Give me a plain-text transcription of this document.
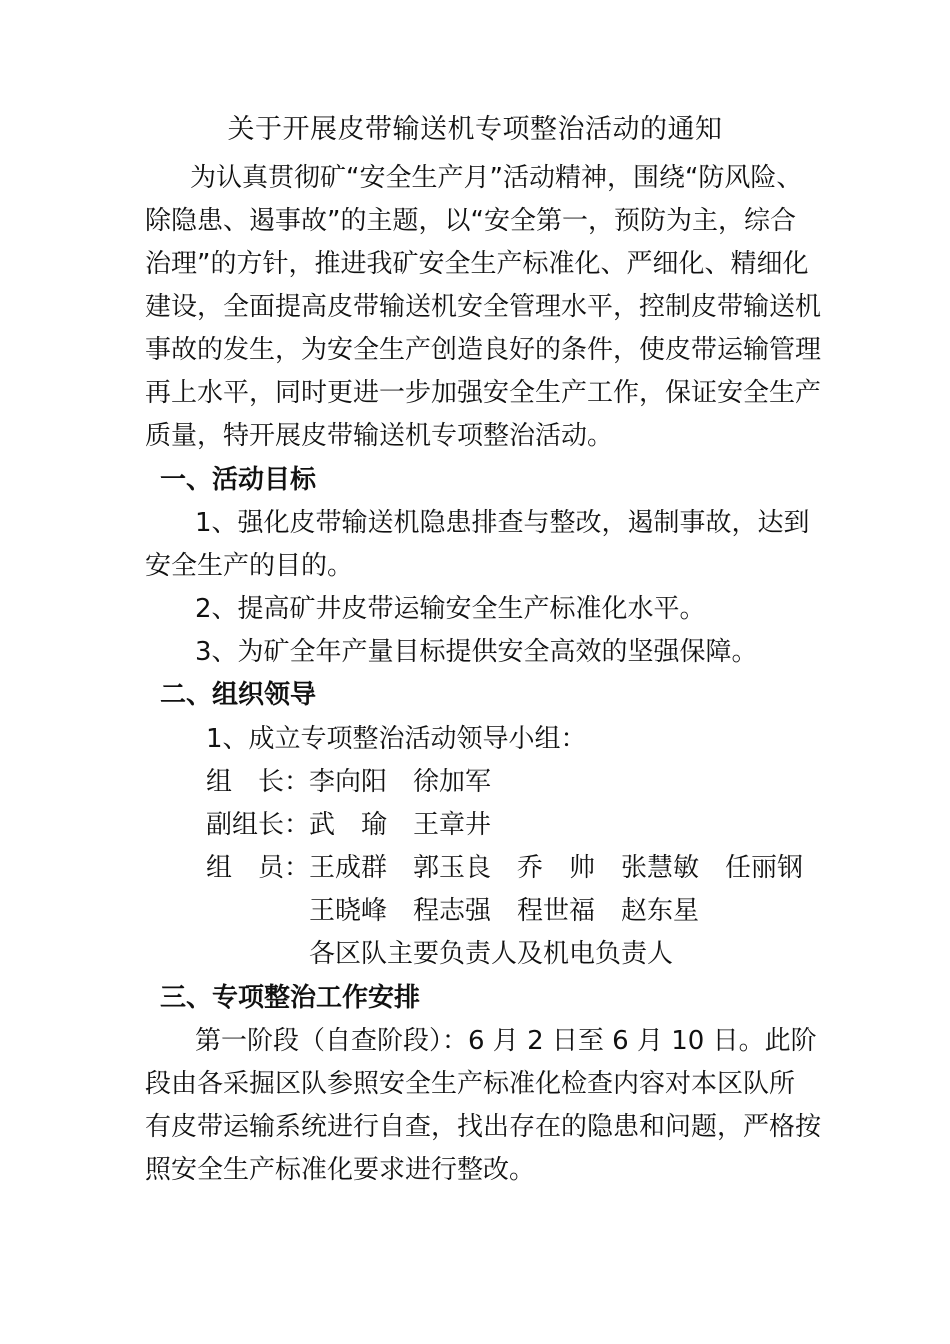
关于开展皮带输送机专项整治活动的通知
为认真贯彻矿“安全生产月”活动精神，围绕“防风险、
除隐患、遏事故”的主题，以“安全第一，预防为主，综合
治理”的方针，推进我矿安全生产标准化、严细化、精细化
建设，全面提高皮带输送机安全管理水平，控制皮带输送机
事故的发生，为安全生产创造良好的条件，使皮带运输管理
再上水平，同时更进一步加强安全生产工作，保证安全生产
质量，特开展皮带输送机专项整治活动。
一、活动目标
1、强化皮带输送机隐患排查与整改，遏制事故，达到
安全生产的目的。
2、提高矿井皮带运输安全生产标准化水平。
3、为矿全年产量目标提供安全高效的坚强保障。
二、组织领导
1、成立专项整治活动领导小组：
组　长：
李向阳　徐加军
副组长：
武　瑜　王章井
组　员：
王成群　郭玉良　乔　帅　张慧敏　任丽钢
王晓峰　程志强　程世福　赵东星
各区队主要负责人及机电负责人
三、专项整治工作安排
第一阶段（自查阶段）：6 月 2 日至 6 月 10 日。此阶
段由各采掘区队参照安全生产标准化检查内容对本区队所
有皮带运输系统进行自查，找出存在的隐患和问题，严格按
照安全生产标准化要求进行整改。
